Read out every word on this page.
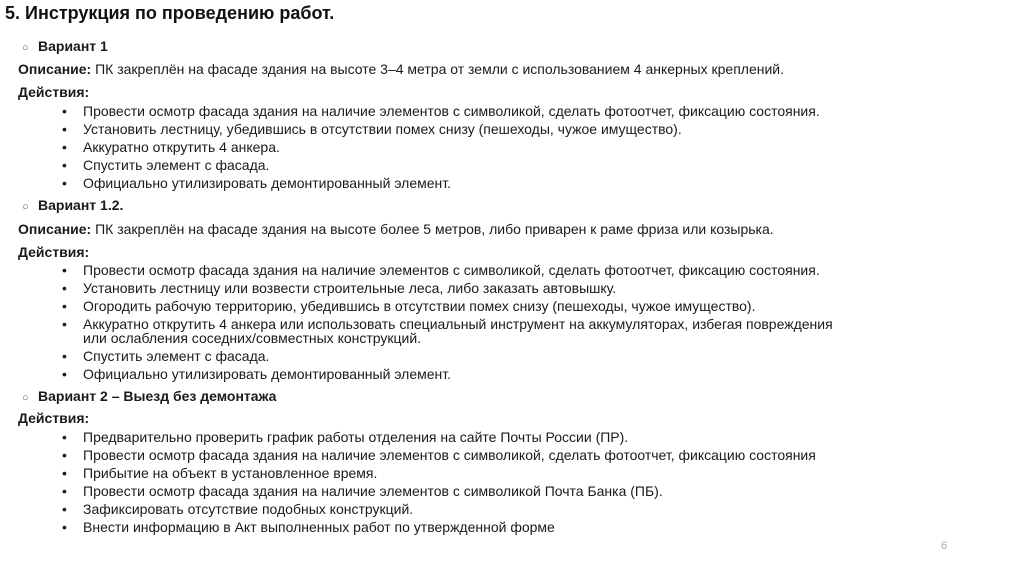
5. Инструкция по проведению работ.
○ Вариант 1
Описание: ПК закреплён на фасаде здания на высоте 3–4 метра от земли с использованием 4 анкерных креплений.
Действия:
• Провести осмотр фасада здания на наличие элементов с символикой, сделать фотоотчет, фиксацию состояния.
• Установить лестницу, убедившись в отсутствии помех снизу (пешеходы, чужое имущество).
• Аккуратно открутить 4 анкера.
• Спустить элемент с фасада.
• Официально утилизировать демонтированный элемент.
○ Вариант 1.2.
Описание: ПК закреплён на фасаде здания на высоте более 5 метров, либо приварен к раме фриза или козырька.
Действия:
• Провести осмотр фасада здания на наличие элементов с символикой, сделать фотоотчет, фиксацию состояния.
• Установить лестницу или возвести строительные леса, либо заказать автовышку.
• Огородить рабочую территорию, убедившись в отсутствии помех снизу (пешеходы, чужое имущество).
• Аккуратно открутить 4 анкера или использовать специальный инструмент на аккумуляторах, избегая повреждения
или ослабления соседних/совместных конструкций.
• Спустить элемент с фасада.
• Официально утилизировать демонтированный элемент.
○ Вариант 2 – Выезд без демонтажа
Действия:
• Предварительно проверить график работы отделения на сайте Почты России (ПР).
• Провести осмотр фасада здания на наличие элементов с символикой, сделать фотоотчет, фиксацию состояния
• Прибытие на объект в установленное время.
• Провести осмотр фасада здания на наличие элементов с символикой Почта Банка (ПБ).
• Зафиксировать отсутствие подобных конструкций.
• Внести информацию в Акт выполненных работ по утвержденной форме
6
